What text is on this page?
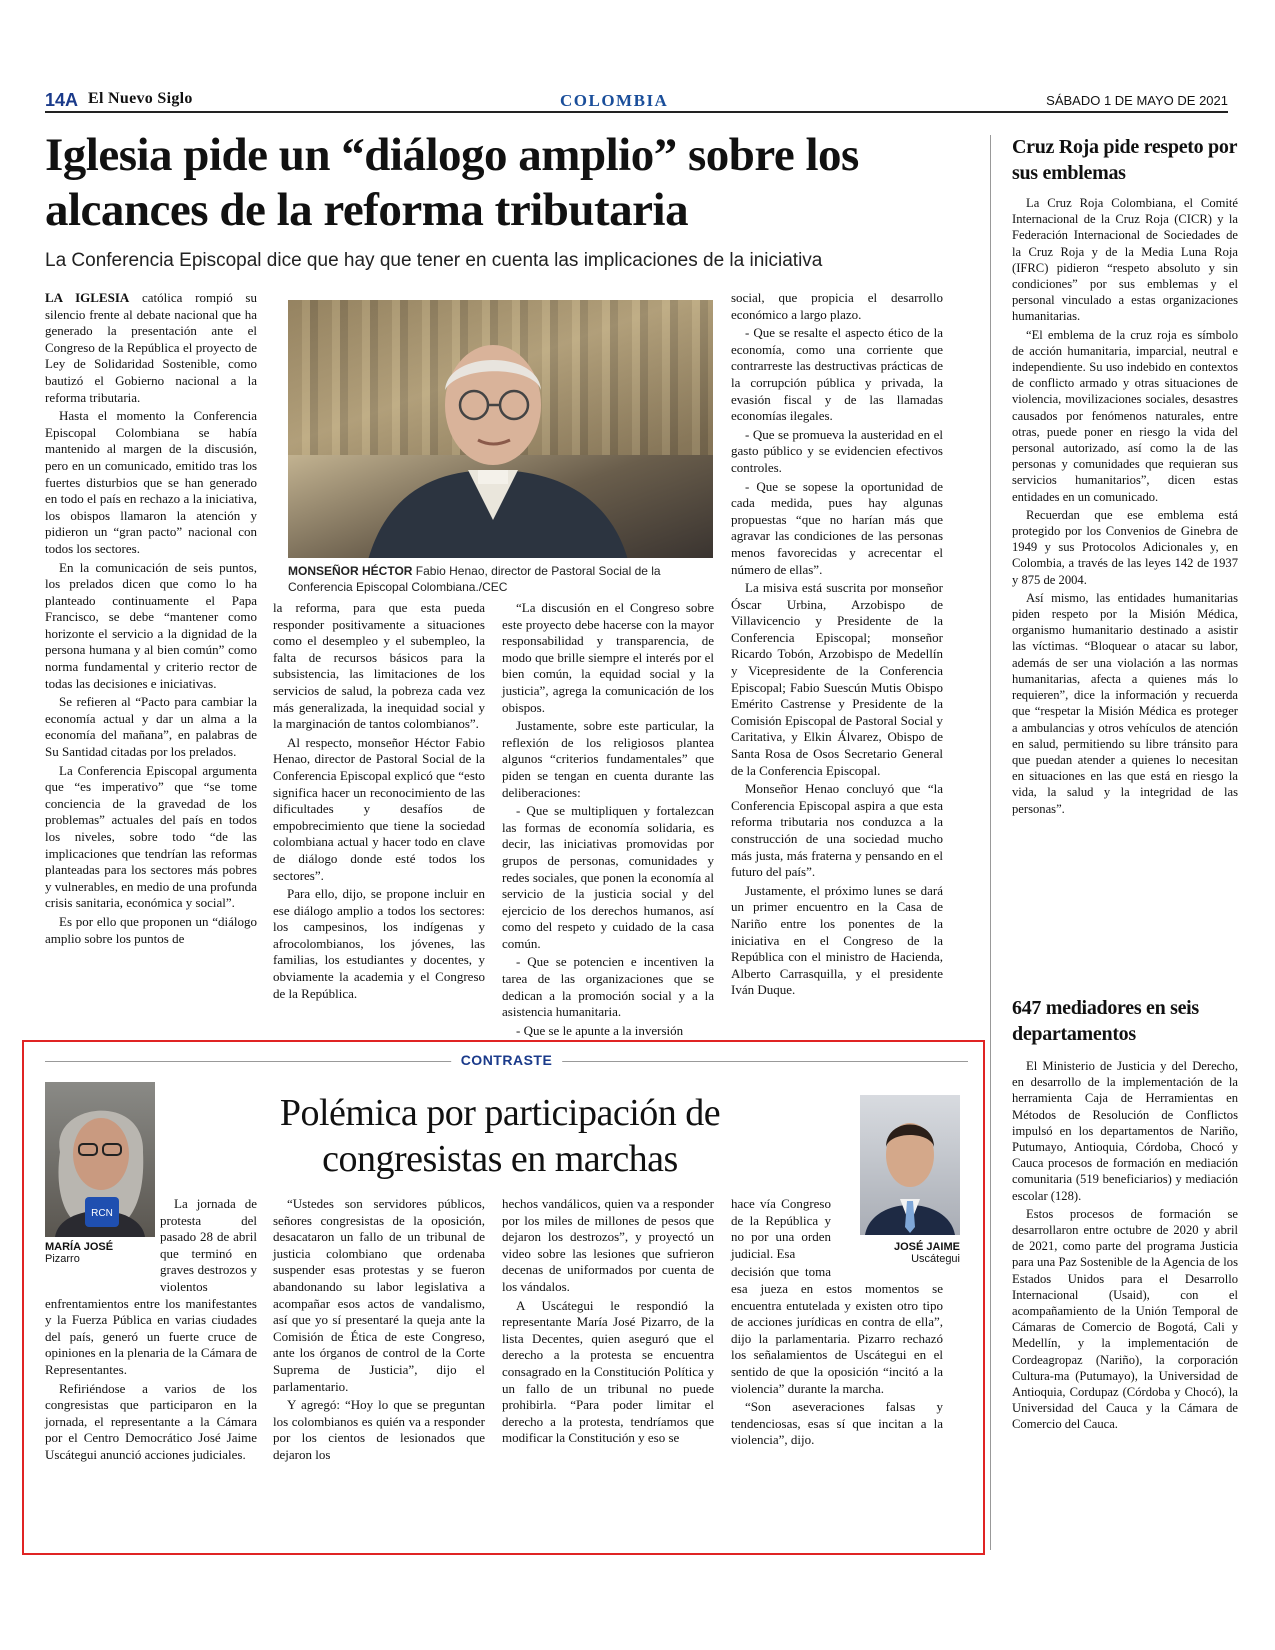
14A El Nuevo Siglo	COLOMBIA	SÁBADO 1 DE MAYO DE 2021
Iglesia pide un “diálogo amplio” sobre los alcances de la reforma tributaria
La Conferencia Episcopal dice que hay que tener en cuenta las implicaciones de la iniciativa

LA IGLESIA católica rompió su silencio frente al debate nacional que ha generado la presentación ante el Congreso de la República el proyecto de Ley de Solidaridad Sostenible, como bautizó el Gobierno nacional a la reforma tributaria.

Hasta el momento la Conferencia Episcopal Colombiana se había mantenido al margen de la discusión, pero en un comunicado, emitido tras los fuertes disturbios que se han generado en todo el país en rechazo a la iniciativa, los obispos llamaron la atención y pidieron un “gran pacto” nacional con todos los sectores.

En la comunicación de seis puntos, los prelados dicen que como lo ha planteado continuamente el Papa Francisco, se debe “mantener como horizonte el servicio a la dignidad de la persona humana y al bien común” como norma fundamental y criterio rector de todas las decisiones e iniciativas.

Se refieren al “Pacto para cambiar la economía actual y dar un alma a la economía del mañana”, en palabras de Su Santidad citadas por los prelados.

La Conferencia Episcopal argumenta que “es imperativo” que “se tome conciencia de la gravedad de los problemas” actuales del país en todos los niveles, sobre todo “de las implicaciones que tendrían las reformas planteadas para los sectores más pobres y vulnerables, en medio de una profunda crisis sanitaria, económica y social”.

Es por ello que proponen un “diálogo amplio sobre los puntos de

MONSEÑOR HÉCTOR Fabio Henao, director de Pastoral Social de la Conferencia Episcopal Colombiana./CEC

la reforma, para que esta pueda responder positivamente a situaciones como el desempleo y el subempleo, la falta de recursos básicos para la subsistencia, las limitaciones de los servicios de salud, la pobreza cada vez más generalizada, la inequidad social y la marginación de tantos colombianos”.

Al respecto, monseñor Héctor Fabio Henao, director de Pastoral Social de la Conferencia Episcopal explicó que “esto significa hacer un reconocimiento de las dificultades y desafíos de empobrecimiento que tiene la sociedad colombiana actual y hacer todo en clave de diálogo donde esté todos los sectores”.

Para ello, dijo, se propone incluir en ese diálogo amplio a todos los sectores: los campesinos, los indígenas y afrocolombianos, los jóvenes, las familias, los estudiantes y docentes, y obviamente la academia y el Congreso de la República.

“La discusión en el Congreso sobre este proyecto debe hacerse con la mayor responsabilidad y transparencia, de modo que brille siempre el interés por el bien común, la equidad social y la justicia”, agrega la comunicación de los obispos.

Justamente, sobre este particular, la reflexión de los religiosos plantea algunos “criterios fundamentales” que piden se tengan en cuenta durante las deliberaciones:

- Que se multipliquen y fortalezcan las formas de economía solidaria, es decir, las iniciativas promovidas por grupos de personas, comunidades y redes sociales, que ponen la economía al servicio de la justicia social y del ejercicio de los derechos humanos, así como del respeto y cuidado de la casa común.

- Que se potencien e incentiven la tarea de las organizaciones que se dedican a la promoción social y a la asistencia humanitaria.

- Que se le apunte a la inversión

social, que propicia el desarrollo económico a largo plazo.

- Que se resalte el aspecto ético de la economía, como una corriente que contrarreste las destructivas prácticas de la corrupción pública y privada, la evasión fiscal y de las llamadas economías ilegales.

- Que se promueva la austeridad en el gasto público y se evidencien efectivos controles.

- Que se sopese la oportunidad de cada medida, pues hay algunas propuestas “que no harían más que agravar las condiciones de las personas menos favorecidas y acrecentar el número de ellas”.

La misiva está suscrita por monseñor Óscar Urbina, Arzobispo de Villavicencio y Presidente de la Conferencia Episcopal; monseñor Ricardo Tobón, Arzobispo de Medellín y Vicepresidente de la Conferencia Episcopal; Fabio Suescún Mutis Obispo Emérito Castrense y Presidente de la Comisión Episcopal de Pastoral Social y Caritativa, y Elkin Álvarez, Obispo de Santa Rosa de Osos Secretario General de la Conferencia Episcopal.

Monseñor Henao concluyó que “la Conferencia Episcopal aspira a que esta reforma tributaria nos conduzca a la construcción de una sociedad mucho más justa, más fraterna y pensando en el futuro del país”.

Justamente, el próximo lunes se dará un primer encuentro en la Casa de Nariño entre los ponentes de la iniciativa en el Congreso de la República con el ministro de Hacienda, Alberto Carrasquilla, y el presidente Iván Duque.

Cruz Roja pide respeto por sus emblemas

La Cruz Roja Colombiana, el Comité Internacional de la Cruz Roja (CICR) y la Federación Internacional de Sociedades de la Cruz Roja y de la Media Luna Roja (IFRC) pidieron “respeto absoluto y sin condiciones” por sus emblemas y el personal vinculado a estas organizaciones humanitarias.

“El emblema de la cruz roja es símbolo de acción humanitaria, imparcial, neutral e independiente. Su uso indebido en contextos de conflicto armado y otras situaciones de violencia, movilizaciones sociales, desastres causados por fenómenos naturales, entre otras, puede poner en riesgo la vida del personal autorizado, así como la de las personas y comunidades que requieran sus servicios humanitarios”, dicen estas entidades en un comunicado.

Recuerdan que ese emblema está protegido por los Convenios de Ginebra de 1949 y sus Protocolos Adicionales y, en Colombia, a través de las leyes 142 de 1937 y 875 de 2004.

Así mismo, las entidades humanitarias piden respeto por la Misión Médica, organismo humanitario destinado a asistir las víctimas. “Bloquear o atacar su labor, además de ser una violación a las normas humanitarias, afecta a quienes más lo requieren”, dice la información y recuerda que “respetar la Misión Médica es proteger a ambulancias y otros vehículos de atención en salud, permitiendo su libre tránsito para que puedan atender a quienes lo necesitan en situaciones en las que está en riesgo la vida, la salud y la integridad de las personas”.

647 mediadores en seis departamentos

El Ministerio de Justicia y del Derecho, en desarrollo de la implementación de la herramienta Caja de Herramientas en Métodos de Resolución de Conflictos impulsó en los departamentos de Nariño, Putumayo, Antioquia, Córdoba, Chocó y Cauca procesos de formación en mediación comunitaria (519 beneficiarios) y mediación escolar (128).

Estos procesos de formación se desarrollaron entre octubre de 2020 y abril de 2021, como parte del programa Justicia para una Paz Sostenible de la Agencia de los Estados Unidos para el Desarrollo Internacional (Usaid), con el acompañamiento de la Unión Temporal de Cámaras de Comercio de Bogotá, Cali y Medellín, y la implementación de Cordeagropaz (Nariño), la corporación Cultura-ma (Putumayo), la Universidad de Antioquia, Cordupaz (Córdoba y Chocó), la Universidad del Cauca y la Cámara de Comercio del Cauca.

CONTRASTE
Polémica por participación de congresistas en marchas
RCN
MARÍA JOSÉ
Pizarro
JOSÉ JAIME
Uscátegui

La jornada de protesta del pasado 28 de abril que terminó en graves destrozos y violentos enfrentamientos entre los manifestantes y la Fuerza Pública en varias ciudades del país, generó un fuerte cruce de opiniones en la plenaria de la Cámara de Representantes.

Refiriéndose a varios de los congresistas que participaron en la jornada, el representante a la Cámara por el Centro Democrático José Jaime Uscátegui anunció acciones judiciales.

“Ustedes son servidores públicos, señores congresistas de la oposición, desacataron un fallo de un tribunal de justicia colombiano que ordenaba suspender esas protestas y se fueron abandonando su labor legislativa a acompañar esos actos de vandalismo, así que yo sí presentaré la queja ante la Comisión de Ética de este Congreso, ante los órganos de control de la Corte Suprema de Justicia”, dijo el parlamentario.

Y agregó: “Hoy lo que se preguntan los colombianos es quién va a responder por los cientos de lesionados que dejaron los

hechos vandálicos, quien va a responder por los miles de millones de pesos que dejaron los destrozos”, y proyectó un video sobre las lesiones que sufrieron decenas de uniformados por cuenta de los vándalos.

A Uscátegui le respondió la representante María José Pizarro, de la lista Decentes, quien aseguró que el derecho a la protesta se encuentra consagrado en la Constitución Política y un fallo de un tribunal no puede prohibirla. “Para poder limitar el derecho a la protesta, tendríamos que modificar la Constitución y eso se

hace vía Congreso de la República y no por una orden judicial. Esa

decisión que toma esa jueza en estos momentos se encuentra entutelada y existen otro tipo de acciones jurídicas en contra de ella”, dijo la parlamentaria. Pizarro rechazó los señalamientos de Uscátegui en el sentido de que la oposición “incitó a la violencia” durante la marcha.

“Son aseveraciones falsas y tendenciosas, esas sí que incitan a la violencia”, dijo.
